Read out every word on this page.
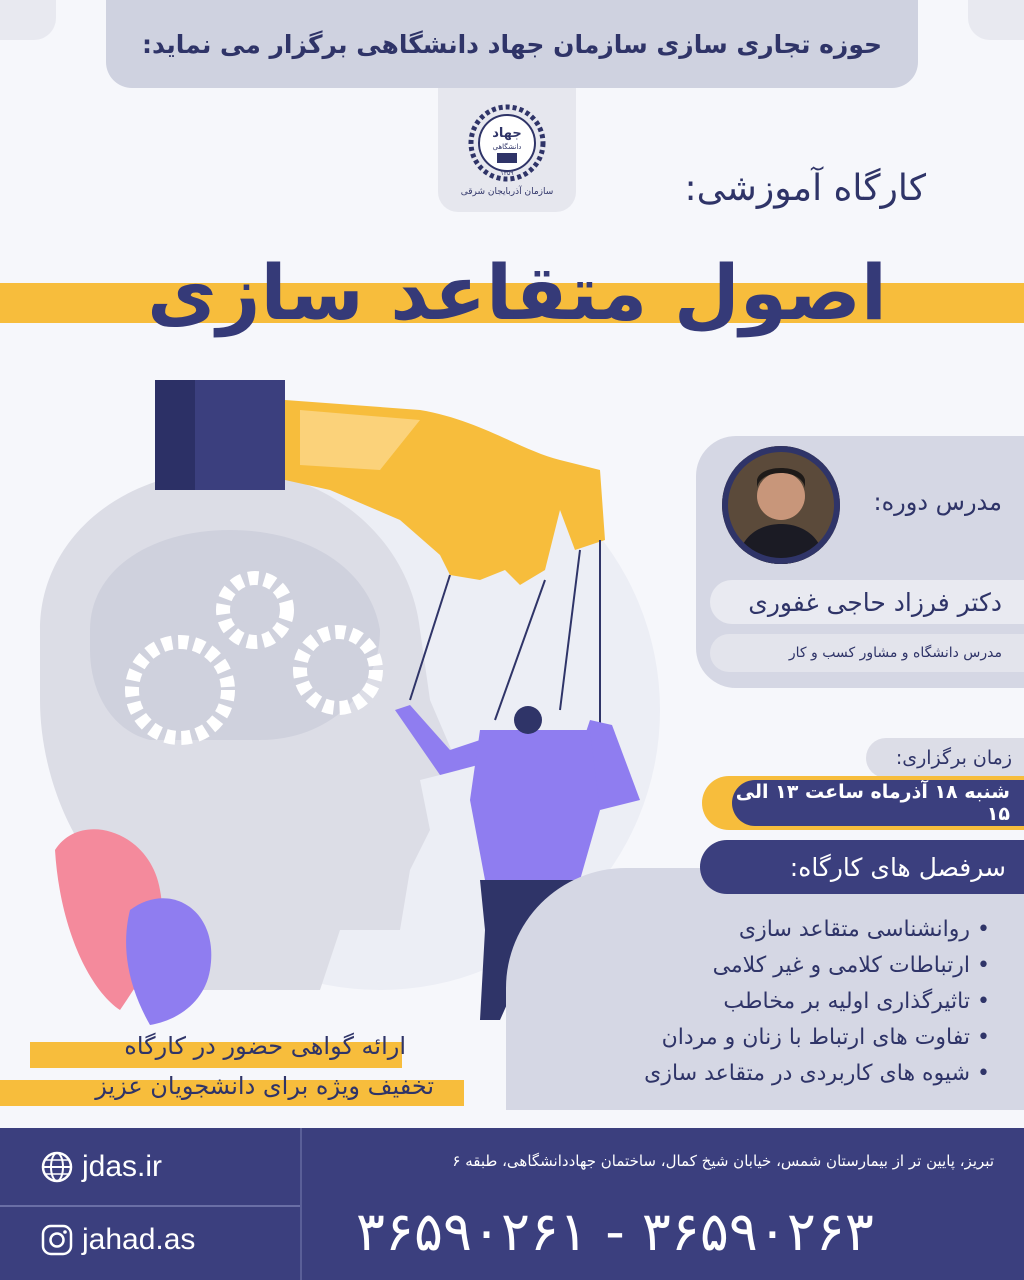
حوزه تجاری سازی سازمان جهاد دانشگاهی برگزار می نماید:
جهاد
دانشگاهی
۱۳۵۹
سازمان آذربایجان شرقی	کارگاه آموزشی:
اصول متقاعد سازی
مدرس دوره:
دکتر فرزاد حاجی غفوری
مدرس دانشگاه و مشاور کسب و کار
زمان برگزاری:
شنبه ۱۸ آذرماه ساعت ۱۳ الی ۱۵
سرفصل های کارگاه:
• روانشناسی متقاعد سازی
• ارتباطات کلامی و غیر کلامی
• تاثیرگذاری اولیه بر مخاطب
• تفاوت های ارتباط با زنان و مردان
• شیوه های کاربردی در متقاعد سازی
ارائه گواهی حضور در کارگاه
تخفیف ویژه برای دانشجویان عزیز
jdas.ir
jahad.as
تبریز، پایین تر از بیمارستان شمس، خیابان شیخ کمال، ساختمان جهاددانشگاهی، طبقه ۶
۳۶۵۹۰۲۶۱ - ۳۶۵۹۰۲۶۳
